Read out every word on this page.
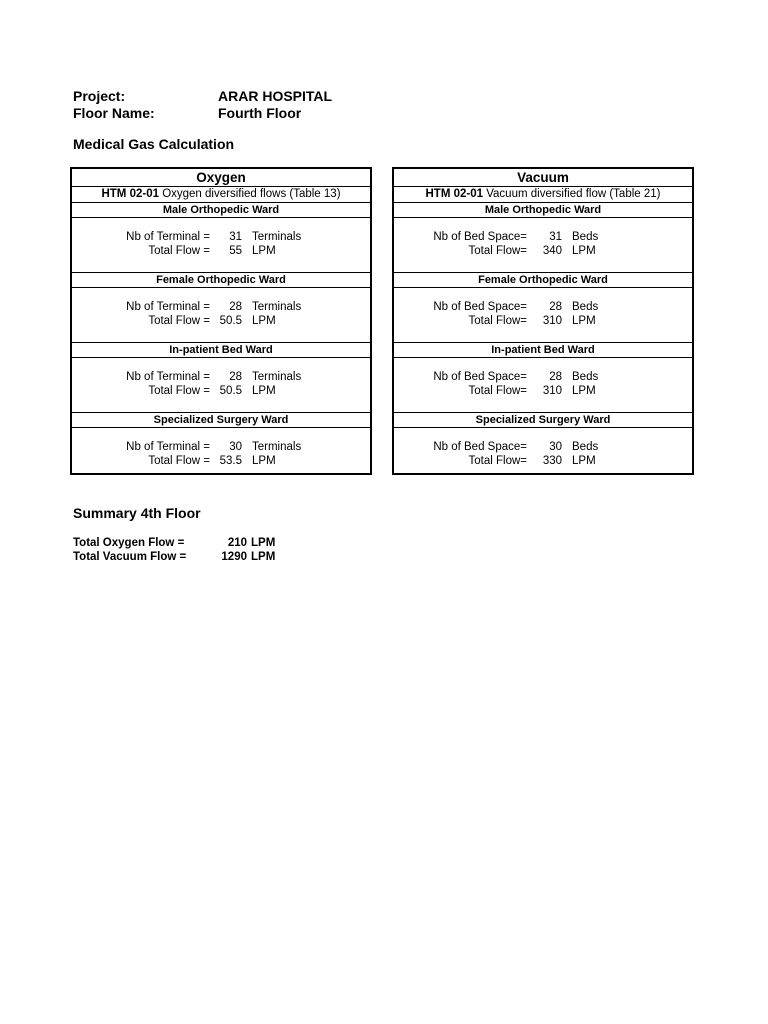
Project:	ARAR HOSPITAL
Floor Name:	Fourth Floor
Medical Gas Calculation
Oxygen
HTM 02-01 Oxygen diversified flows (Table 13)
Male Orthopedic Ward
Nb of Terminal = 31 Terminals
Total Flow = 55 LPM
Female Orthopedic Ward
Nb of Terminal = 28 Terminals
Total Flow = 50.5 LPM
In-patient Bed Ward
Nb of Terminal = 28 Terminals
Total Flow = 50.5 LPM
Specialized Surgery Ward
Nb of Terminal = 30 Terminals
Total Flow = 53.5 LPM
Vacuum
HTM 02-01 Vacuum diversified flow (Table 21)
Male Orthopedic Ward
Nb of Bed Space= 31 Beds
Total Flow= 340 LPM
Female Orthopedic Ward
Nb of Bed Space= 28 Beds
Total Flow= 310 LPM
In-patient Bed Ward
Nb of Bed Space= 28 Beds
Total Flow= 310 LPM
Specialized Surgery Ward
Nb of Bed Space= 30 Beds
Total Flow= 330 LPM
Summary 4th Floor
Total Oxygen Flow =	210 LPM
Total Vacuum Flow =	1290 LPM
